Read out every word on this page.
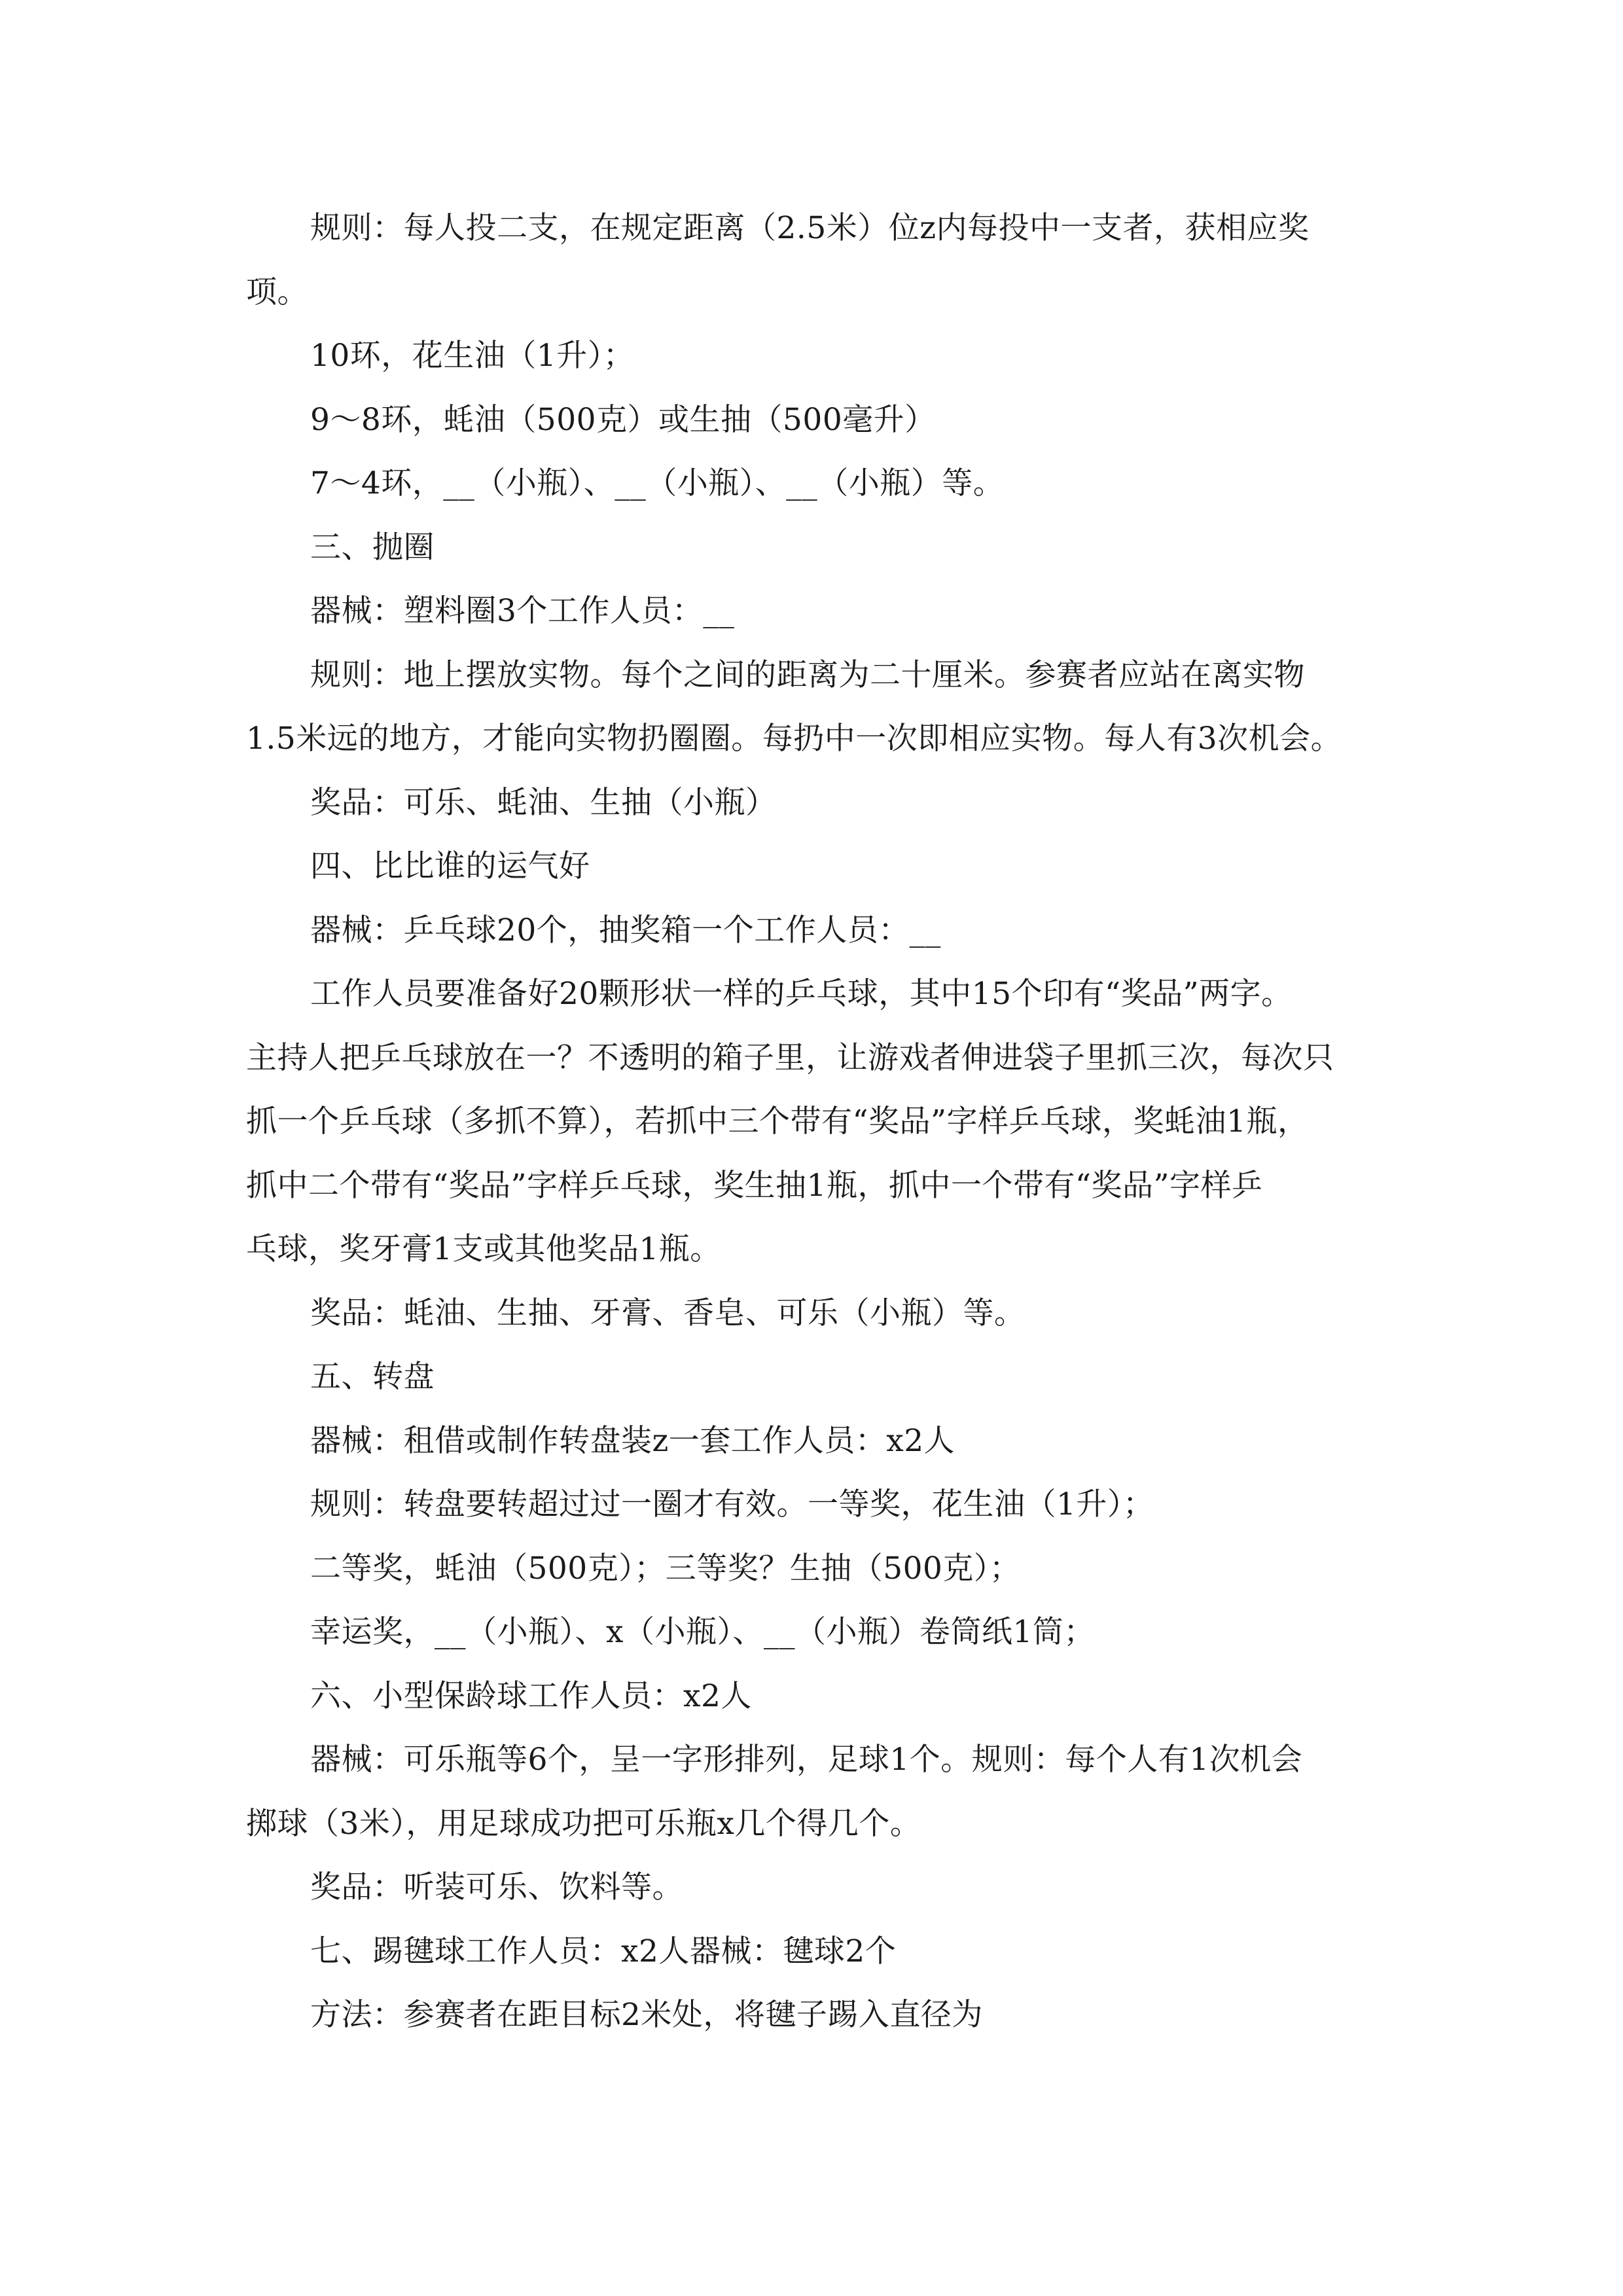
规则：每人投二支，在规定距离（2.5米）位z内每投中一支者，获相应奖
项。
10环，花生油（1升）；
9～8环，蚝油（500克）或生抽（500毫升）
7～4环，__（小瓶）、__（小瓶）、__（小瓶）等。
三、抛圈
器械：塑料圈3个工作人员：__
规则：地上摆放实物。每个之间的距离为二十厘米。参赛者应站在离实物
1.5米远的地方，才能向实物扔圈圈。每扔中一次即相应实物。每人有3次机会。
奖品：可乐、蚝油、生抽（小瓶）
四、比比谁的运气好
器械：乒乓球20个，抽奖箱一个工作人员：__
工作人员要准备好20颗形状一样的乒乓球，其中15个印有“奖品”两字。
主持人把乒乓球放在一？不透明的箱子里，让游戏者伸进袋子里抓三次，每次只
抓一个乒乓球（多抓不算），若抓中三个带有“奖品”字样乒乓球，奖蚝油1瓶，
抓中二个带有“奖品”字样乒乓球，奖生抽1瓶，抓中一个带有“奖品”字样乒
乓球，奖牙膏1支或其他奖品1瓶。
奖品：蚝油、生抽、牙膏、香皂、可乐（小瓶）等。
五、转盘
器械：租借或制作转盘装z一套工作人员：x2人
规则：转盘要转超过过一圈才有效。一等奖，花生油（1升）；
二等奖，蚝油（500克）；三等奖？生抽（500克）；
幸运奖，__（小瓶）、x（小瓶）、__（小瓶）卷筒纸1筒；
六、小型保龄球工作人员：x2人
器械：可乐瓶等6个，呈一字形排列，足球1个。规则：每个人有1次机会
掷球（3米），用足球成功把可乐瓶x几个得几个。
奖品：听装可乐、饮料等。
七、踢毽球工作人员：x2人器械：毽球2个
方法：参赛者在距目标2米处，将毽子踢入直径为
